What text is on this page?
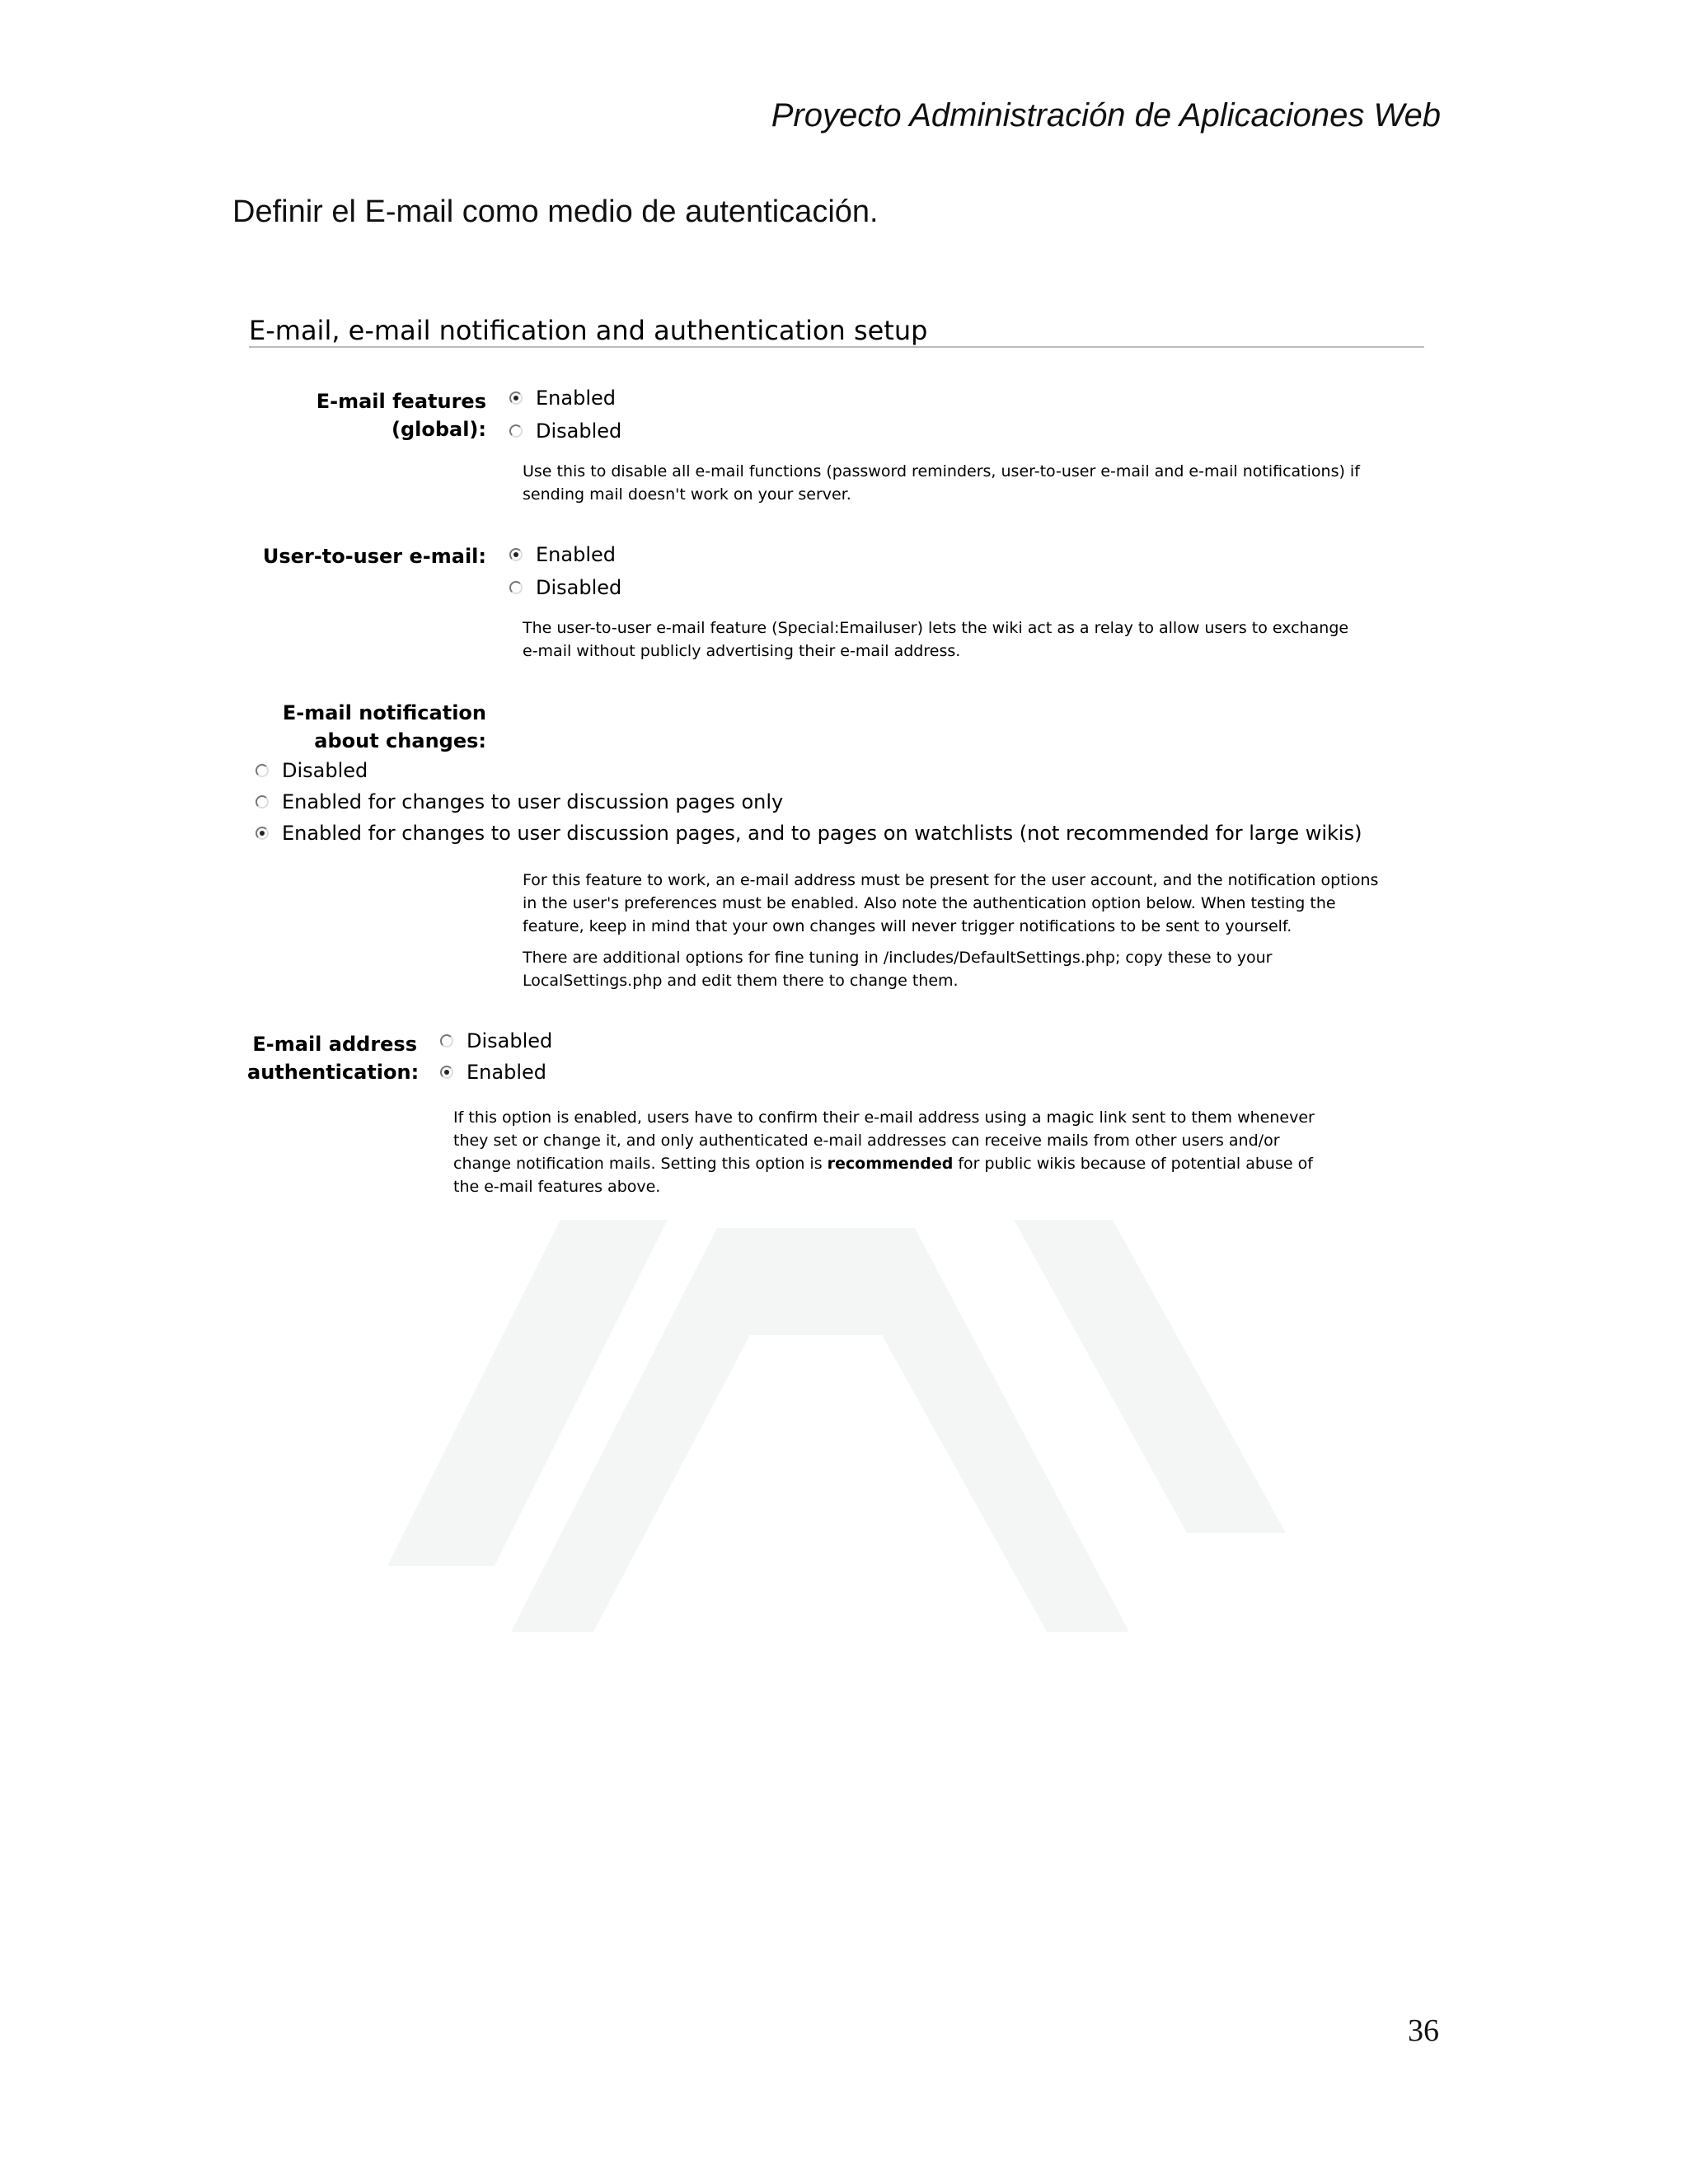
Proyecto Administración de Aplicaciones Web
Definir el E-mail como medio de autenticación.
E-mail, e-mail notification and authentication setup
E-mail features
(global):
Enabled
Disabled
Use this to disable all e-mail functions (password reminders, user-to-user e-mail and e-mail notifications) if
sending mail doesn't work on your server.
User-to-user e-mail:	Enabled
Disabled
The user-to-user e-mail feature (Special:Emailuser) lets the wiki act as a relay to allow users to exchange
e-mail without publicly advertising their e-mail address.
E-mail notification
about changes:
Disabled
Enabled for changes to user discussion pages only
Enabled for changes to user discussion pages, and to pages on watchlists (not recommended for large wikis)
For this feature to work, an e-mail address must be present for the user account, and the notification options
in the user's preferences must be enabled. Also note the authentication option below. When testing the
feature, keep in mind that your own changes will never trigger notifications to be sent to yourself.
There are additional options for fine tuning in /includes/DefaultSettings.php; copy these to your
LocalSettings.php and edit them there to change them.
E-mail address
authentication:
Disabled
Enabled
If this option is enabled, users have to confirm their e-mail address using a magic link sent to them whenever
they set or change it, and only authenticated e-mail addresses can receive mails from other users and/or
change notification mails. Setting this option is recommended for public wikis because of potential abuse of
the e-mail features above.
36
